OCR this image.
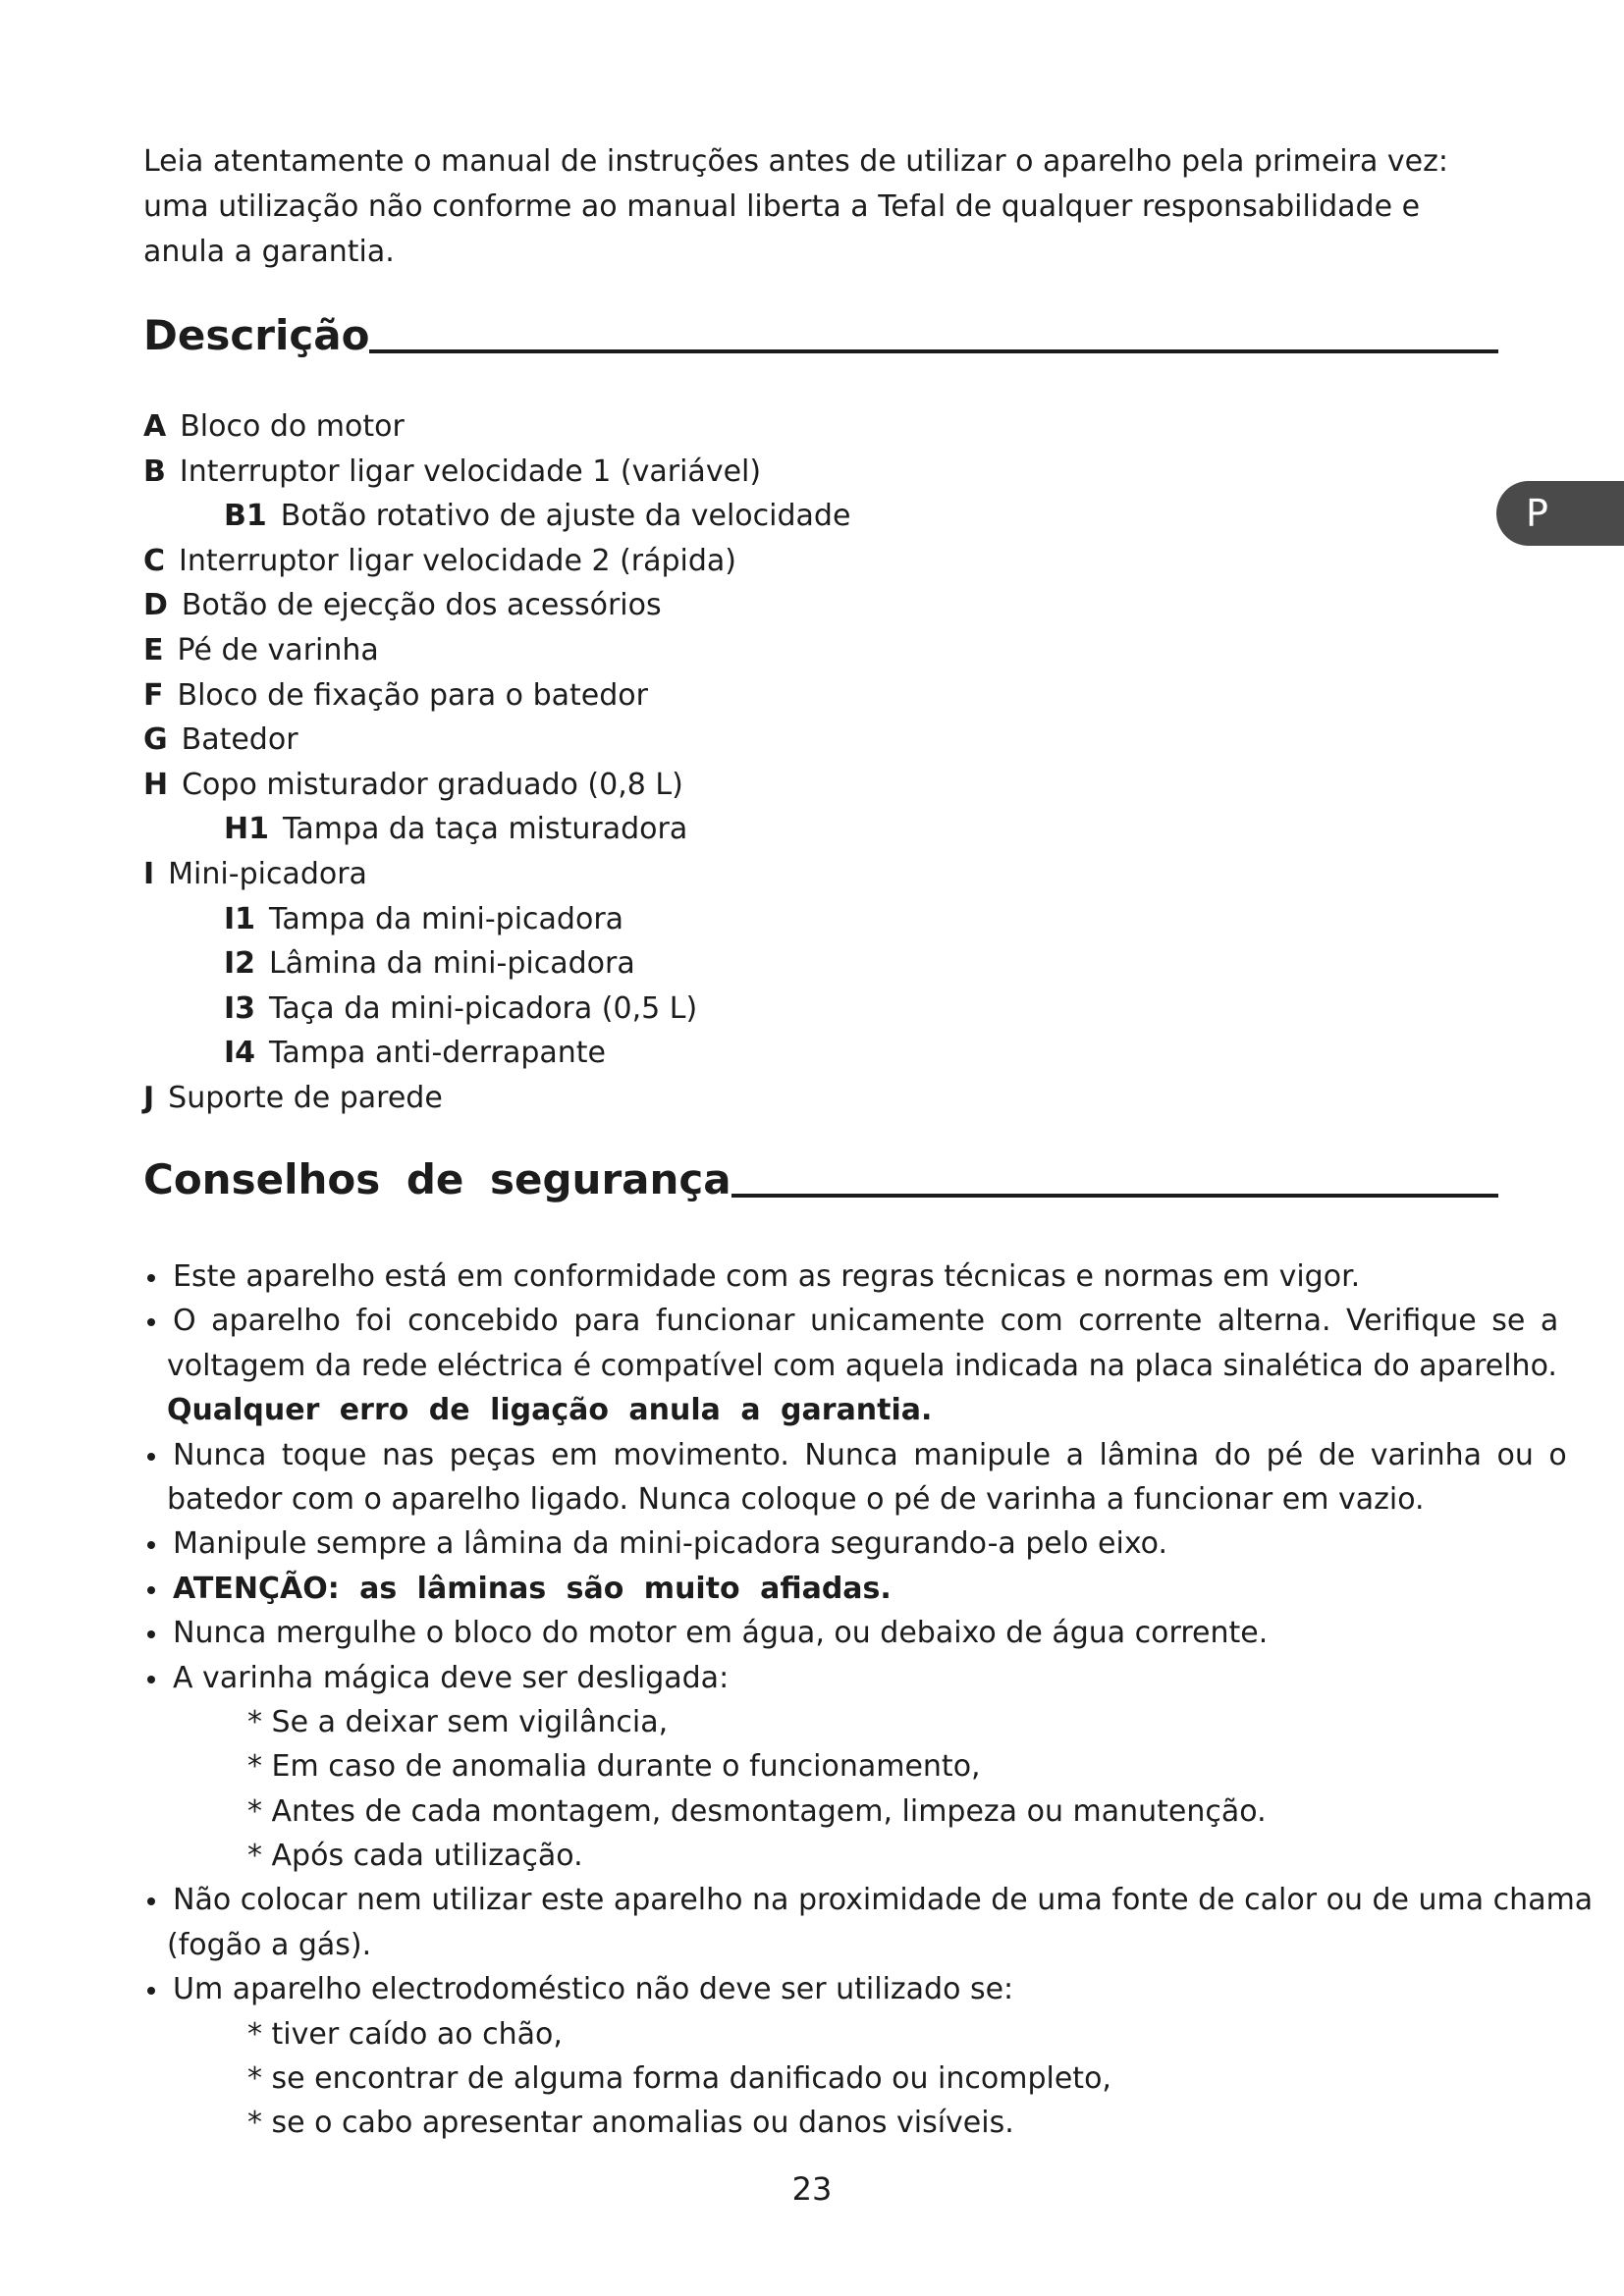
Leia atentamente o manual de instruções antes de utilizar o aparelho pela primeira vez: uma utilização não conforme ao manual liberta a Tefal de qualquer responsabilidade e anula a garantia.

Descrição
A Bloco do motor
B Interruptor ligar velocidade 1 (variável)
B1 Botão rotativo de ajuste da velocidade
C Interruptor ligar velocidade 2 (rápida)
D Botão de ejecção dos acessórios
E Pé de varinha
F Bloco de fixação para o batedor
G Batedor
H Copo misturador graduado (0,8 L)
H1 Tampa da taça misturadora
I Mini-picadora
I1 Tampa da mini-picadora
I2 Lâmina da mini-picadora
I3 Taça da mini-picadora (0,5 L)
I4 Tampa anti-derrapante
J Suporte de parede
P
Conselhos de segurança
Este aparelho está em conformidade com as regras técnicas e normas em vigor.
O aparelho foi concebido para funcionar unicamente com corrente alterna. Verifique se a
voltagem da rede eléctrica é compatível com aquela indicada na placa sinalética do aparelho.
Qualquer erro de ligação anula a garantia.
Nunca toque nas peças em movimento. Nunca manipule a lâmina do pé de varinha ou o
batedor com o aparelho ligado. Nunca coloque o pé de varinha a funcionar em vazio.
Manipule sempre a lâmina da mini-picadora segurando-a pelo eixo.
ATENÇÃO: as lâminas são muito afiadas.
Nunca mergulhe o bloco do motor em água, ou debaixo de água corrente.
A varinha mágica deve ser desligada:
* Se a deixar sem vigilância,
* Em caso de anomalia durante o funcionamento,
* Antes de cada montagem, desmontagem, limpeza ou manutenção.
* Após cada utilização.
Não colocar nem utilizar este aparelho na proximidade de uma fonte de calor ou de uma chama
(fogão a gás).
Um aparelho electrodoméstico não deve ser utilizado se:
* tiver caído ao chão,
* se encontrar de alguma forma danificado ou incompleto,
* se o cabo apresentar anomalias ou danos visíveis.
23
